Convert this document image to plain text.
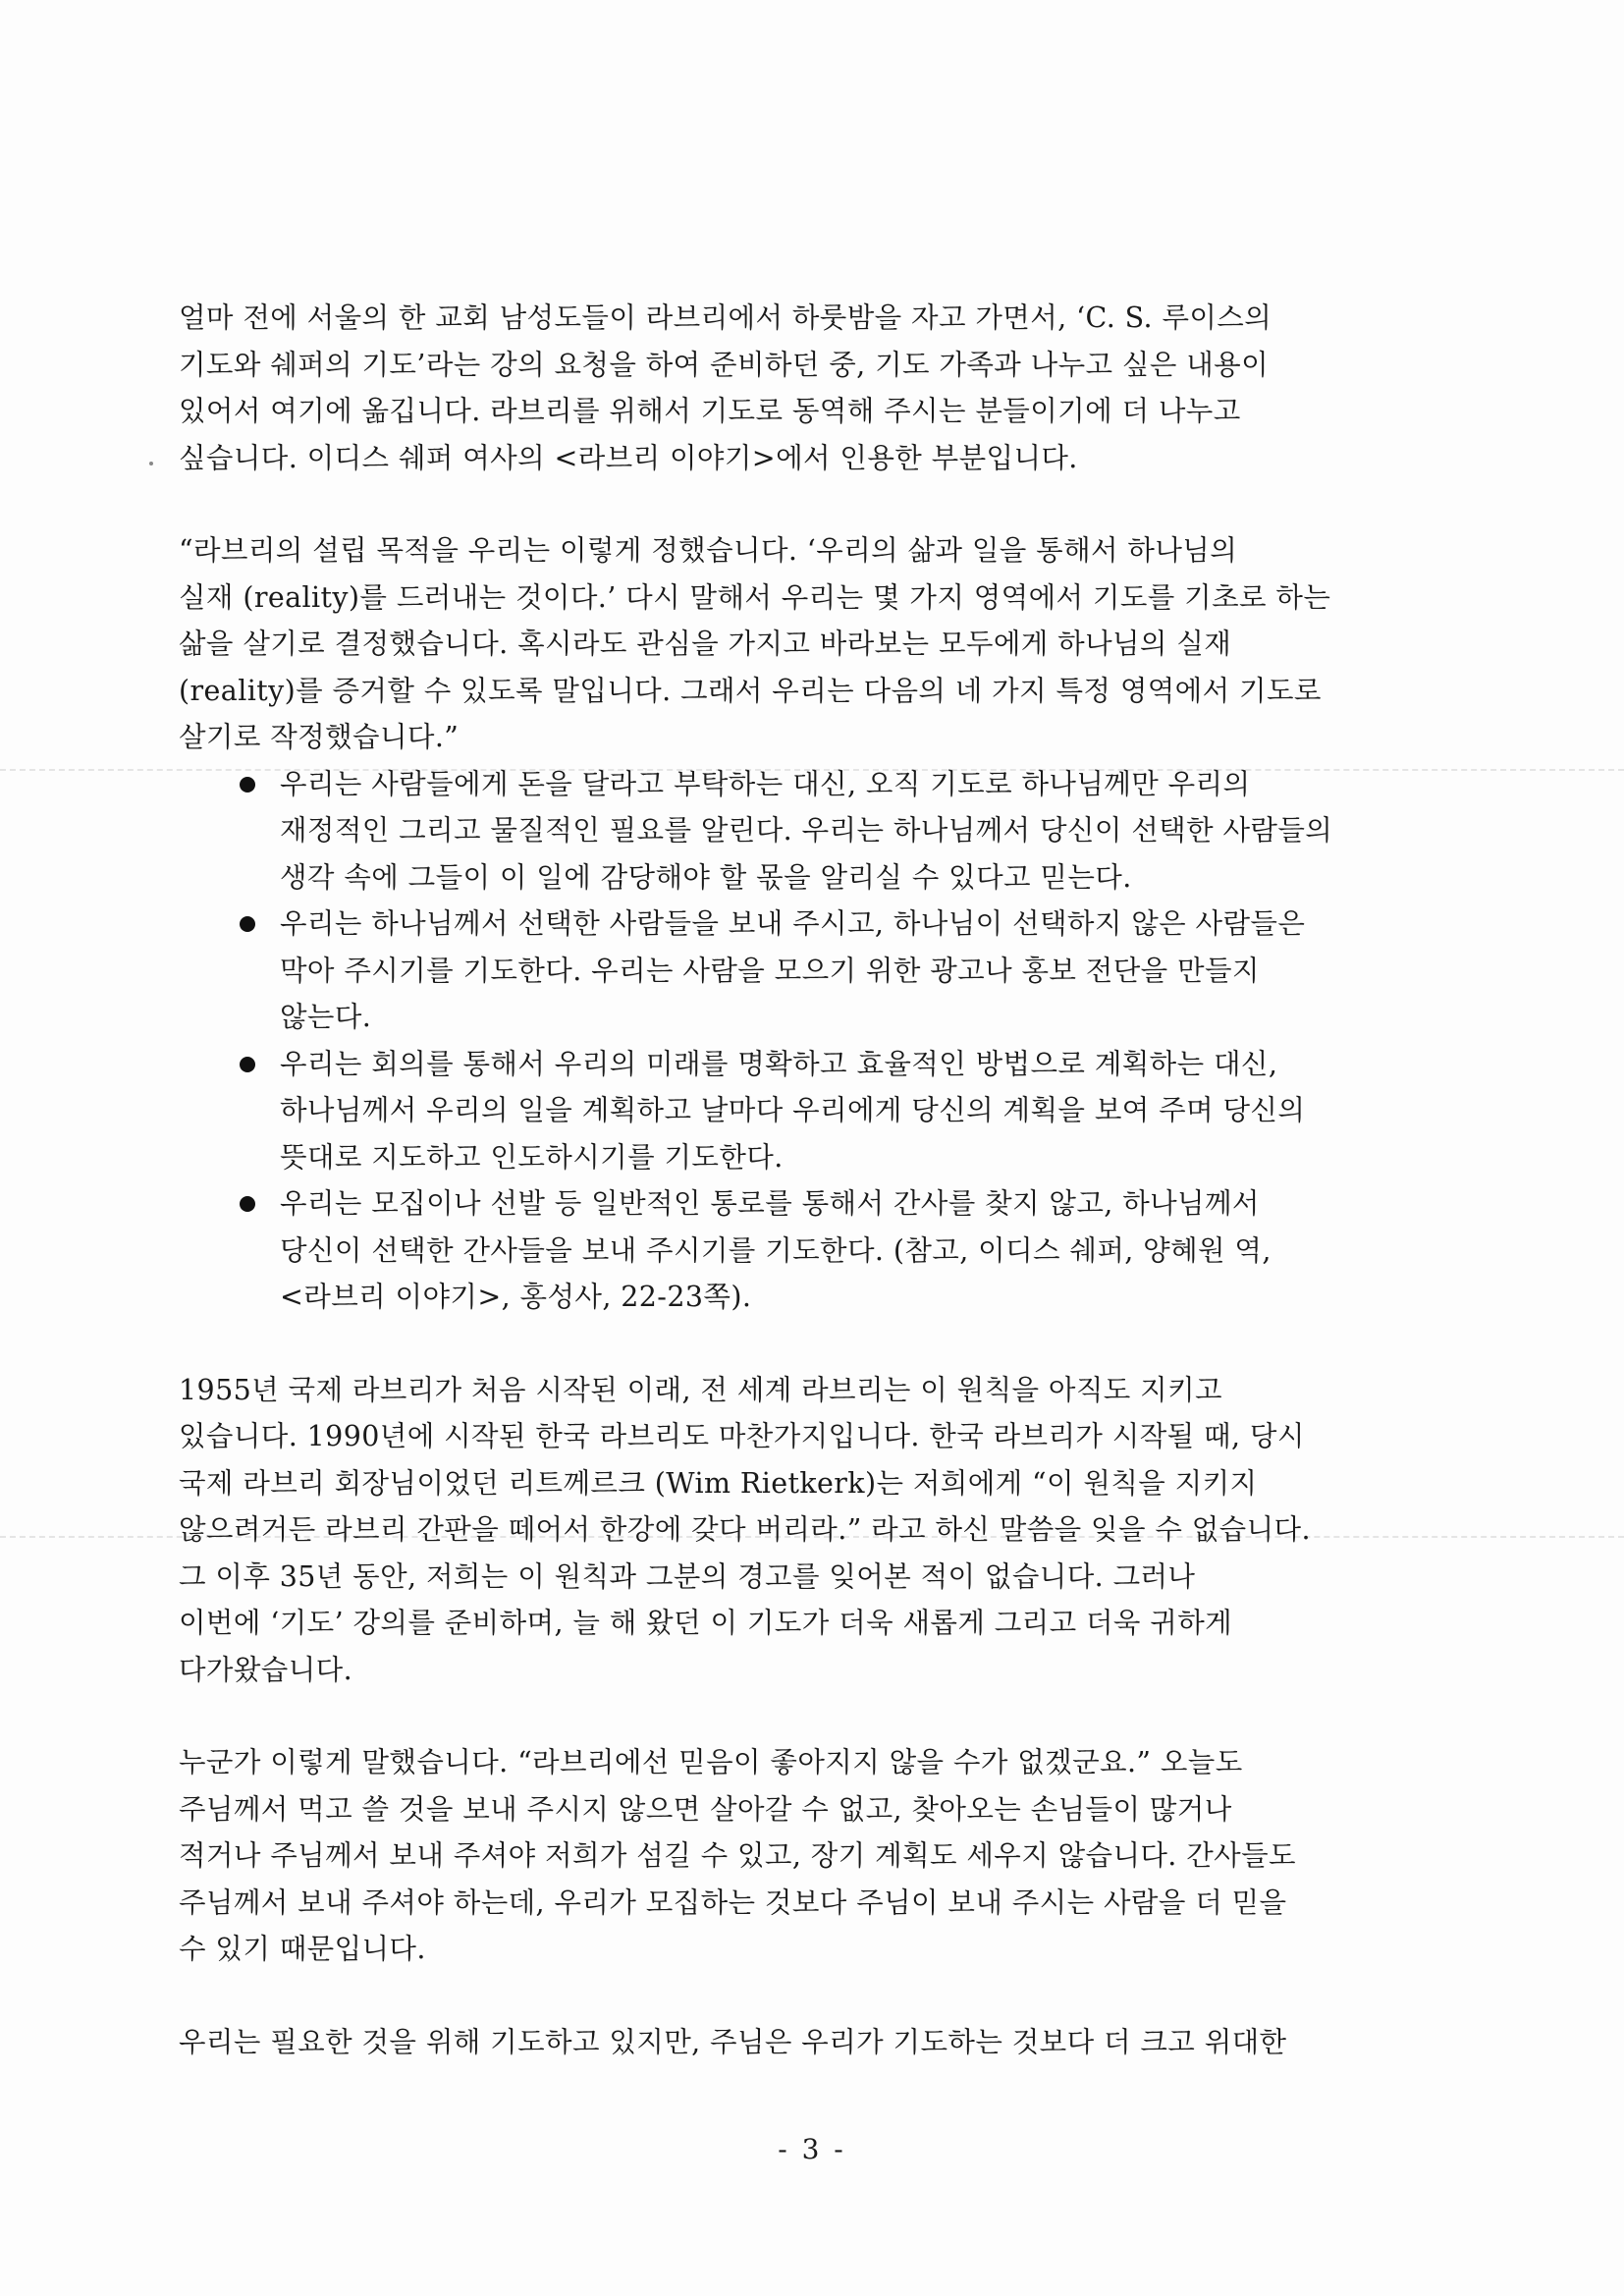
얼마 전에 서울의 한 교회 남성도들이 라브리에서 하룻밤을 자고 가면서, ‘C. S. 루이스의
기도와 쉐퍼의 기도’라는 강의 요청을 하여 준비하던 중, 기도 가족과 나누고 싶은 내용이
있어서 여기에 옮깁니다. 라브리를 위해서 기도로 동역해 주시는 분들이기에 더 나누고
싶습니다. 이디스 쉐퍼 여사의 <라브리 이야기>에서 인용한 부분입니다.

“라브리의 설립 목적을 우리는 이렇게 정했습니다. ‘우리의 삶과 일을 통해서 하나님의
실재 (reality)를 드러내는 것이다.’ 다시 말해서 우리는 몇 가지 영역에서 기도를 기초로 하는
삶을 살기로 결정했습니다. 혹시라도 관심을 가지고 바라보는 모두에게 하나님의 실재
(reality)를 증거할 수 있도록 말입니다. 그래서 우리는 다음의 네 가지 특정 영역에서 기도로
살기로 작정했습니다.”

우리는 사람들에게 돈을 달라고 부탁하는 대신, 오직 기도로 하나님께만 우리의
재정적인 그리고 물질적인 필요를 알린다. 우리는 하나님께서 당신이 선택한 사람들의
생각 속에 그들이 이 일에 감당해야 할 몫을 알리실 수 있다고 믿는다.
우리는 하나님께서 선택한 사람들을 보내 주시고, 하나님이 선택하지 않은 사람들은
막아 주시기를 기도한다. 우리는 사람을 모으기 위한 광고나 홍보 전단을 만들지
않는다.
우리는 회의를 통해서 우리의 미래를 명확하고 효율적인 방법으로 계획하는 대신,
하나님께서 우리의 일을 계획하고 날마다 우리에게 당신의 계획을 보여 주며 당신의
뜻대로 지도하고 인도하시기를 기도한다.
우리는 모집이나 선발 등 일반적인 통로를 통해서 간사를 찾지 않고, 하나님께서
당신이 선택한 간사들을 보내 주시기를 기도한다. (참고, 이디스 쉐퍼, 양혜원 역,
<라브리 이야기>, 홍성사, 22-23쪽).

1955년 국제 라브리가 처음 시작된 이래, 전 세계 라브리는 이 원칙을 아직도 지키고
있습니다. 1990년에 시작된 한국 라브리도 마찬가지입니다. 한국 라브리가 시작될 때, 당시
국제 라브리 회장님이었던 리트께르크 (Wim Rietkerk)는 저희에게 “이 원칙을 지키지
않으려거든 라브리 간판을 떼어서 한강에 갖다 버리라.” 라고 하신 말씀을 잊을 수 없습니다.
그 이후 35년 동안, 저희는 이 원칙과 그분의 경고를 잊어본 적이 없습니다. 그러나
이번에 ‘기도’ 강의를 준비하며, 늘 해 왔던 이 기도가 더욱 새롭게 그리고 더욱 귀하게
다가왔습니다.

누군가 이렇게 말했습니다. “라브리에선 믿음이 좋아지지 않을 수가 없겠군요.” 오늘도
주님께서 먹고 쓸 것을 보내 주시지 않으면 살아갈 수 없고, 찾아오는 손님들이 많거나
적거나 주님께서 보내 주셔야 저희가 섬길 수 있고, 장기 계획도 세우지 않습니다. 간사들도
주님께서 보내 주셔야 하는데, 우리가 모집하는 것보다 주님이 보내 주시는 사람을 더 믿을
수 있기 때문입니다.

우리는 필요한 것을 위해 기도하고 있지만, 주님은 우리가 기도하는 것보다 더 크고 위대한

- 3 -
